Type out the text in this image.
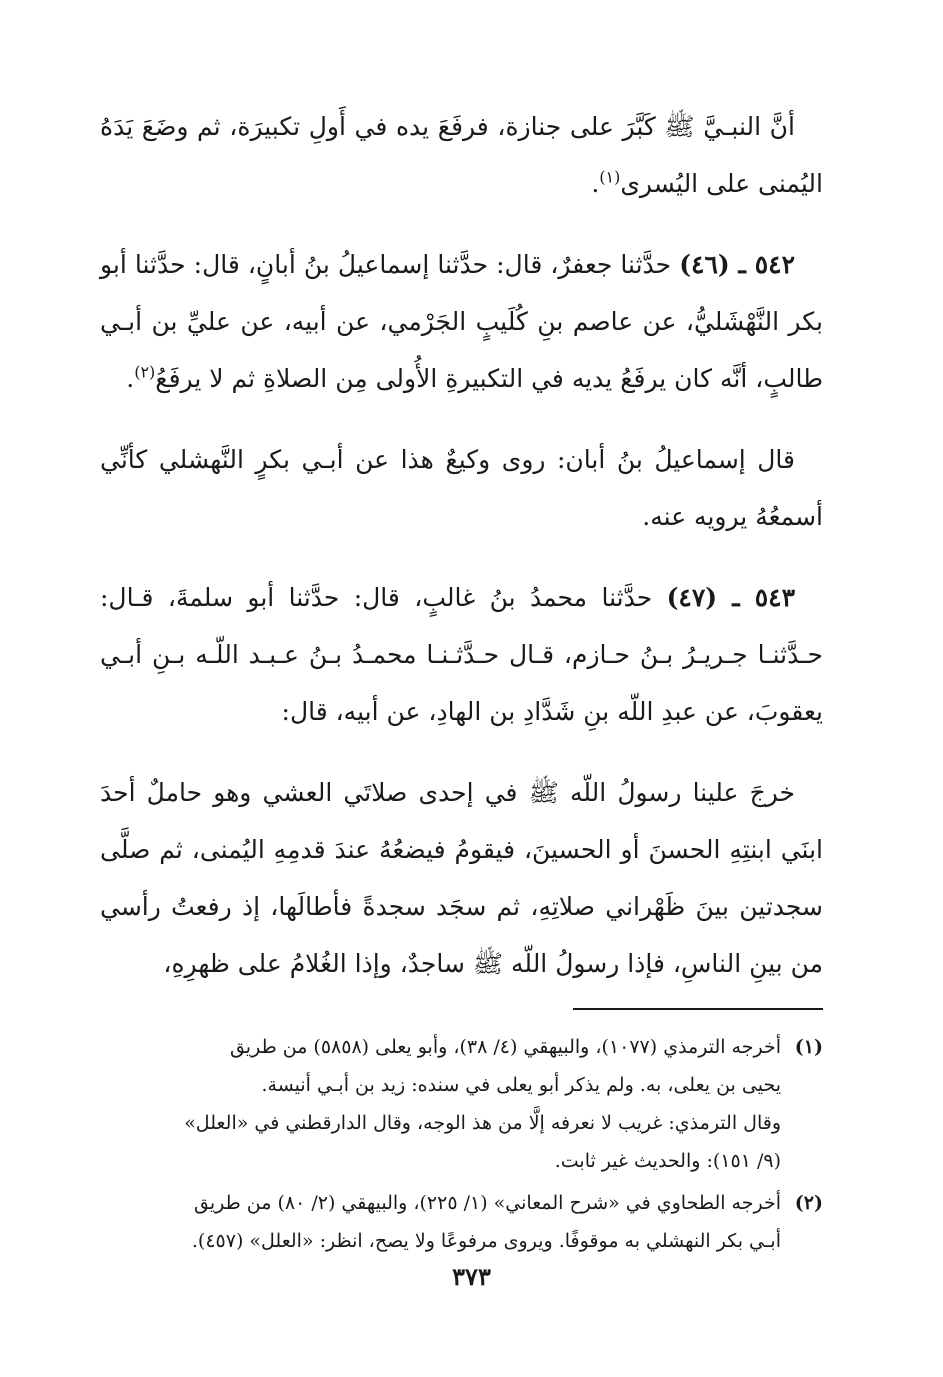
أنَّ النبـيَّ ﷺ كَبَّرَ على جنازة، فرفَعَ يده في أَولِ تكبيرَة، ثم وضَعَ يَدَهُ اليُمنى على اليُسرى$^{(١)}$.

٥٤٢ ـ (٤٦) حدَّثنا جعفرٌ، قال: حدَّثنا إسماعيلُ بنُ أبانٍ، قال: حدَّثنا أبو بكر النَّهْشَليُّ، عن عاصم بنِ كُلَيبٍ الجَرْمي، عن أبيه، عن عليِّ بن أبـي طالبٍ، أنَّه كان يرفَعُ يديه في التكبيرةِ الأُولى مِن الصلاةِ ثم لا يرفَعُ$^{(٢)}$.

قال إسماعيلُ بنُ أبان: روى وكيعٌ هذا عن أبـي بكرٍ النَّهشلي كأنِّي أسمعُهُ يرويه عنه.

٥٤٣ ـ (٤٧) حدَّثنا محمدُ بنُ غالبٍ، قال: حدَّثنا أبو سلمةَ، قـال: حـدَّثنـا جـريـرُ بـنُ حـازم، قـال حـدَّثـنـا محمـدُ بـنُ عـبـد اللّـه بـنِ أبـي يعقوبَ، عن عبدِ اللّه بنِ شَدَّادِ بن الهادِ، عن أبيه، قال:

خرجَ علينا رسولُ اللّه ﷺ في إحدى صلاتَي العشي وهو حاملٌ أحدَ ابنَي ابنتِهِ الحسنَ أو الحسينَ، فيقومُ فيضعُهُ عندَ قدمِهِ اليُمنى، ثم صلَّى سجدتين بينَ ظَهْراني صلاتِهِ، ثم سجَد سجدةً فأطالَها، إذ رفعتُ رأسي من بينِ الناسِ، فإذا رسولُ اللّه ﷺ ساجدٌ، وإذا الغُلامُ على ظهرِهِ،

(١)
أخرجه الترمذي (١٠٧٧)، والبيهقي (٤/ ٣٨)، وأبو يعلى (٥٨٥٨) من طريق
يحيى بن يعلى، به. ولم يذكر أبو يعلى في سنده: زيد بن أبـي أنيسة.
وقال الترمذي: غريب لا نعرفه إلَّا من هذ الوجه، وقال الدارقطني في «العلل»
(٩/ ١٥١): والحديث غير ثابت.
(٢)
أخرجه الطحاوي في «شرح المعاني» (١/ ٢٢٥)، والبيهقي (٢/ ٨٠) من طريق
أبـي بكر النهشلي به موقوفًا. ويروى مرفوعًا ولا يصح، انظر: «العلل» (٤٥٧).
٣٧٣
